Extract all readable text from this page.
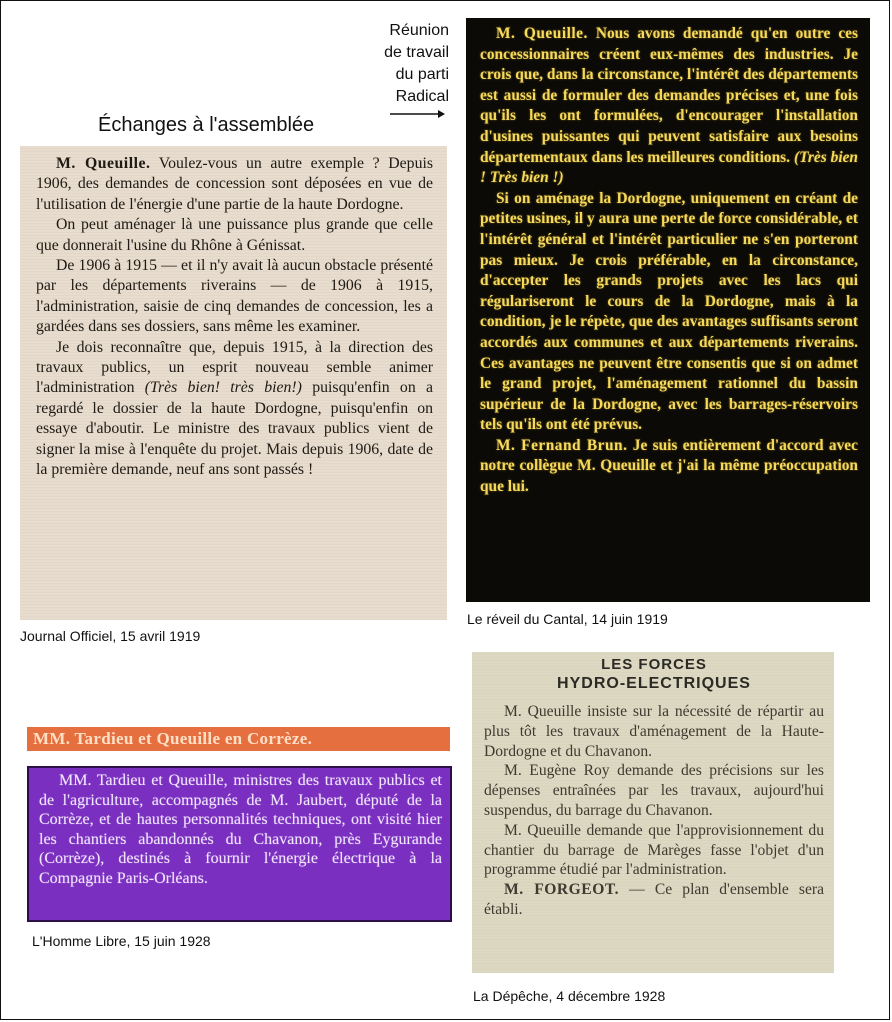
Réunion
de travail
du parti
Radical
Échanges à l'assemblée

M. Queuille. Voulez-vous un autre exemple ? Depuis 1906, des demandes de concession sont déposées en vue de l'utilisation de l'énergie d'une partie de la haute Dordogne.

On peut aménager là une puissance plus grande que celle que donnerait l'usine du Rhône à Génissat.

De 1906 à 1915 — et il n'y avait là aucun obstacle présenté par les départements riverains — de 1906 à 1915, l'administration, saisie de cinq demandes de concession, les a gardées dans ses dossiers, sans même les examiner.

Je dois reconnaître que, depuis 1915, à la direction des travaux publics, un esprit nouveau semble animer l'administration (Très bien! très bien!) puisqu'enfin on a regardé le dossier de la haute Dordogne, puisqu'enfin on essaye d'aboutir. Le ministre des travaux publics vient de signer la mise à l'enquête du projet. Mais depuis 1906, date de la première demande, neuf ans sont passés !

Journal Officiel, 15 avril 1919

M. Queuille. Nous avons demandé qu'en outre ces concessionnaires créent eux-mêmes des industries. Je crois que, dans la circonstance, l'intérêt des départements est aussi de formuler des demandes précises et, une fois qu'ils les ont formulées, d'encourager l'installation d'usines puissantes qui peuvent satisfaire aux besoins départementaux dans les meilleures conditions. (Très bien ! Très bien !)

Si on aménage la Dordogne, uniquement en créant de petites usines, il y aura une perte de force considérable, et l'intérêt général et l'intérêt particulier ne s'en porteront pas mieux. Je crois préférable, en la circonstance, d'accepter les grands projets avec les lacs qui régulariseront le cours de la Dordogne, mais à la condition, je le répète, que des avantages suffisants seront accordés aux communes et aux départements riverains. Ces avantages ne peuvent être consentis que si on admet le grand projet, l'aménagement rationnel du bassin supérieur de la Dordogne, avec les barrages-réservoirs tels qu'ils ont été prévus.

M. Fernand Brun. Je suis entièrement d'accord avec notre collègue M. Queuille et j'ai la même préoccupation que lui.

Le réveil du Cantal, 14 juin 1919
MM. Tardieu et Queuille en Corrèze.

MM. Tardieu et Queuille, ministres des travaux publics et de l'agriculture, accompagnés de M. Jaubert, député de la Corrèze, et de hautes personnalités techniques, ont visité hier les chantiers abandonnés du Chavanon, près Eygurande (Corrèze), destinés à fournir l'énergie électrique à la Compagnie Paris-Orléans.

L'Homme Libre, 15 juin 1928
LES FORCES
HYDRO-ELECTRIQUES

M. Queuille insiste sur la nécessité de répartir au plus tôt les travaux d'aménagement de la Haute-Dordogne et du Chavanon.

M. Eugène Roy demande des précisions sur les dépenses entraînées par les travaux, aujourd'hui suspendus, du barrage du Chavanon.

M. Queuille demande que l'approvisionnement du chantier du barrage de Marèges fasse l'objet d'un programme étudié par l'administration.

M. FORGEOT. — Ce plan d'ensemble sera établi.

La Dépêche, 4 décembre 1928
